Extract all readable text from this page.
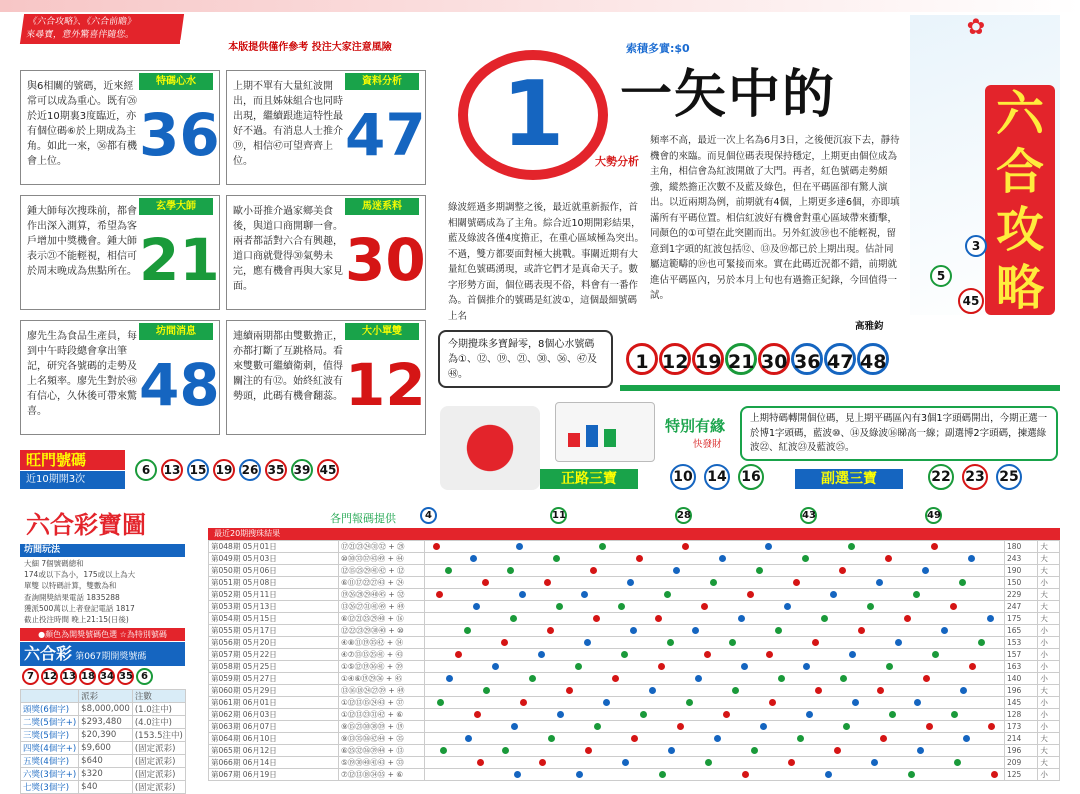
《六合攻略》、《六合前瞻》
來尋寶，意外驚喜伴隨您。
本版提供僅作參考 投注大家注意風險
與6相關的號碼，近來經常可以成為重心。既有㉖於近10期裏3度臨近，亦有個位碼⑥於上期成為主角。如此一來，㊱都有機會上位。
特碼心水
36
上期不單有大量紅波開出，而且姊妹組合也同時出現，繼續跟進這特性最好不過。有消息人士推介⑲，相信㊼可望齊齊上位。
資料分析
47
鍾大師每次搜珠前，都會作出深入測算，希望為客戶增加中獎機會。鍾大師表示㉑不能輕視，相信可於周末晚成為焦點所在。
玄學大師
21
歐小哥推介過家鄉美食後，與道口商開聊一會。兩者都話對六合有興趣，道口商就覺得㉚氣勢未完，應有機會再與大家見面。
馬迷系料
30
廖先生為食品生產員，每到中午時段總會拿出筆記，研究各號碼的走勢及上名頻率。廖先生對於㊽有信心，久休後可帶來驚喜。
坊間消息
48
連續兩期都由雙數擔正，亦都打斷了互跳格局。看來雙數可繼續衛刺，值得關注的有⑫。始終紅波有勢頭，此碼有機會翻蕊。
大小單雙
12
旺門號碼
近10期開3次
6 13 15 19 26 35 39 45
1
索積多實:$0
一矢中的
大勢分析
頻率不高，最近一次上名為6月3日，之後便沉寂下去，靜待機會的來臨。而見個位碼表現保持穩定，上期更由個位成為主角，相信會為紅波開啟了大門。再者，紅色號碼走勢頗強，縱然擔正次數不及藍及綠色，但在平碼區卻有驚人演出。以近兩期為例，前期就有4個，上期更多達6個，亦即填滿所有平碼位置。相信紅波好有機會對重心區域帶來衝擊，同顏色的①可望在此突圍而出。另外紅波⑲也不能輕視，留意到1字頭的紅波包括⑫、⑬及⑲都已於上期出現。估計同屬這範疇的⑲也可緊接而來。實在此碼近況都不錯，前期就進佔平碼區內，另於本月上旬也有過擔正紀錄，今回值得一試。
高雅鈞
綠波經過多期調整之後，最近就重新振作，首相關號碼成為了主角。綜合近10期開彩結果，藍及綠波各僅4度擔正，在重心區域極為突出。不過，雙方都要面對極大挑戰。事關近期有大量紅色號碼湧現，或許它們才是真命天子。數字形勢方面，個位碼表現不俗，料會有一番作為。首個推介的號碼是紅波①，這個最細號碼上名
✿
六
合
攻
略
3
5
45
今期攪珠多寶歸零，8個心水號碼為①、⑫、⑲、㉑、㉚、㊱、㊼及㊽。
1 12 19 21 30 36 47 48
特別有緣
快發財
上期特碼轉開個位碼，見上期平碼區內有3個1字頭碼開出，今期正選一於博1字頭碼，藍波⑩、⑭及綠波⑯睇高一線；副選博2字頭碼，揀選綠波㉒、紅波㉓及藍波㉕。
正路三寶	10 14 16	副選三寶	22 23 25
六合彩寶圖
坊間玩法
大細 7個號碼總和
174或以下為小，175或以上為大
單雙 以特碼計算，雙數為和
查詢開獎結果電話 1835288
獲派500萬以上者登記電話 1817
截止投注時間 晚上21:15(日後)
●顏色為開獎號碼色選 ☆為特別號碼
六合彩 第067期開獎號碼
7 12 13 18 34 35 6
	派彩	注數
頭獎(6個字)	$8,000,000	(1.0注中)
二獎(5個字+)	$293,480	(4.0注中)
三獎(5個字)	$20,390	(153.5注中)
四獎(4個字+)	$9,600	(固定派彩)
五獎(4個字)	$640	(固定派彩)
六獎(3個字+)	$320	(固定派彩)
七獎(3個字)	$40	(固定派彩)
各門報碼提供	4	11	28	43	49
最近20期搜珠結果
第048期 05月01日	⑰㉑㉓㉔㉛㉜ + ㉘		180	大
第049期 05月03日	⑩㉚㉝㊲㊸㊾ + ㊹		243	大
第050期 05月06日	⑫⑮㉕㉙㊶㊷ + ⑫		190	大
第051期 05月08日	⑥⑪⑰㉒㉗㊸ + ㉔		150	小
第052期 05月11日	⑲㉖㉘㉙㊵㊺ + ㉜		229	大
第053期 05月13日	⑬㉖㉗㉛㊶㊾ + ㊾		247	大
第054期 05月15日	⑥⑫㉑㉕㉙㊵ + ⑯		175	大
第055期 05月17日	⑫㉒㉓㉙㉚㊵ + ⑩		165	小
第056期 05月20日	④⑧⑪⑲㉟㊷ + ⑭		153	小
第057期 05月22日	④⑦⑬⑮㉕㊶ + ㊸		157	小
第058期 05月25日	①⑤⑫⑲㊱㊶ + ㊴		163	小
第059期 05月27日	①④⑥⑲㉙㊱ + ㊺		140	小
第060期 05月29日	⑬⑯⑱㉔㉗㊴ + ㊾		196	大
第061期 06月01日	①⑫⑬⑮㉔㊸ + ㊲		145	小
第062期 06月03日	①⑫⑬㉓㉛㊷ + ⑥		128	小
第063期 06月07日	⑨⑮㉓㉚㊳㊴ + ⑲		173	小
第064期 06月10日	⑨⑬㉟㊱㊷㊹ + ㉟		214	大
第065期 06月12日	⑥㉕㉜㊱㊴㊹ + ⑬		196	大
第066期 06月14日	⑤⑲㉚㊵㊶㊸ + ㉝		209	大
第067期 06月19日	⑦⑫⑬⑱㉞㉟ + ⑥		125	小
